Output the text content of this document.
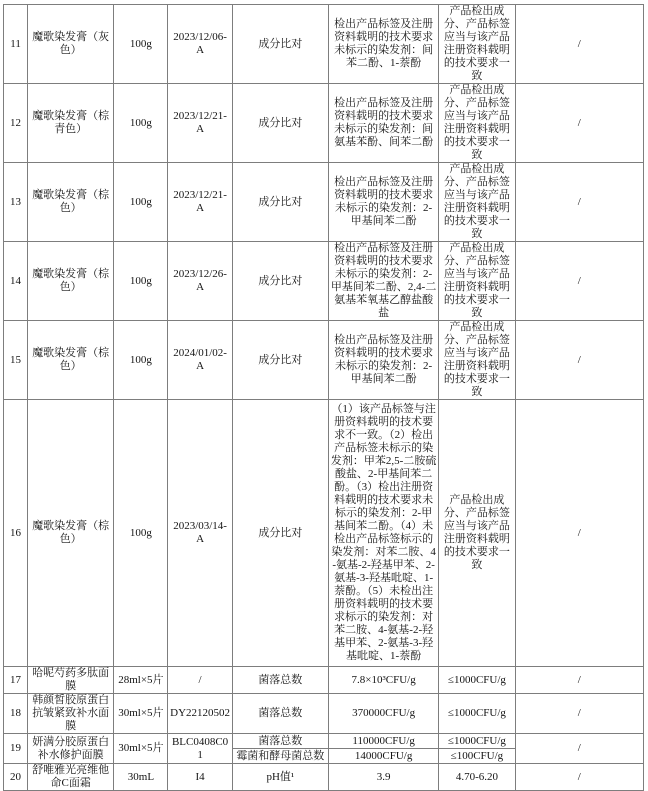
11	魔歌染发膏（灰色）	100g	2023/12/06-A	成分比对	检出产品标签及注册资料载明的技术要求未标示的染发剂：间苯二酚、1-萘酚	产品检出成分、产品标签应当与该产品注册资料载明的技术要求一致	/
12	魔歌染发膏（棕青色）	100g	2023/12/21-A	成分比对	检出产品标签及注册资料载明的技术要求未标示的染发剂：间氨基苯酚、间苯二酚	产品检出成分、产品标签应当与该产品注册资料载明的技术要求一致	/
13	魔歌染发膏（棕色）	100g	2023/12/21-A	成分比对	检出产品标签及注册资料载明的技术要求未标示的染发剂：2-甲基间苯二酚	产品检出成分、产品标签应当与该产品注册资料载明的技术要求一致	/
14	魔歌染发膏（棕色）	100g	2023/12/26-A	成分比对	检出产品标签及注册资料载明的技术要求未标示的染发剂：2-甲基间苯二酚、2,4-二氨基苯氧基乙醇盐酸盐	产品检出成分、产品标签应当与该产品注册资料载明的技术要求一致	/
15	魔歌染发膏（棕色）	100g	2024/01/02-A	成分比对	检出产品标签及注册资料载明的技术要求未标示的染发剂：2-甲基间苯二酚	产品检出成分、产品标签应当与该产品注册资料载明的技术要求一致	/
16	魔歌染发膏（棕色）	100g	2023/03/14-A	成分比对	（1）该产品标签与注册资料载明的技术要求不一致。（2）检出产品标签未标示的染发剂：甲苯2,5-二胺硫酸盐、2-甲基间苯二酚。（3）检出注册资料载明的技术要求未标示的染发剂：2-甲基间苯二酚。（4）未检出产品标签标示的染发剂：对苯二胺、4-氨基-2-羟基甲苯、2-氨基-3-羟基吡啶、1-萘酚。（5）未检出注册资料载明的技术要求标示的染发剂：对苯二胺、4-氨基-2-羟基甲苯、2-氨基-3-羟基吡啶、1-萘酚	产品检出成分、产品标签应当与该产品注册资料载明的技术要求一致	/
17	哈呢芍药多肽面膜	28ml×5片	/	菌落总数	7.8×10³CFU/g	≤1000CFU/g	/
18	韩颜皙胶原蛋白抗皱紧致补水面膜	30ml×5片	DY22120502	菌落总数	370000CFU/g	≤1000CFU/g	/
19	妍满分胶原蛋白补水修护面膜	30ml×5片	BLC0408C01	菌落总数	110000CFU/g	≤1000CFU/g	/
				霉菌和酵母菌总数	14000CFU/g	≤100CFU/g	
20	舒唯雅光亮维他命C面霜	30mL	I4	pH值¹	3.9	4.70-6.20	/
